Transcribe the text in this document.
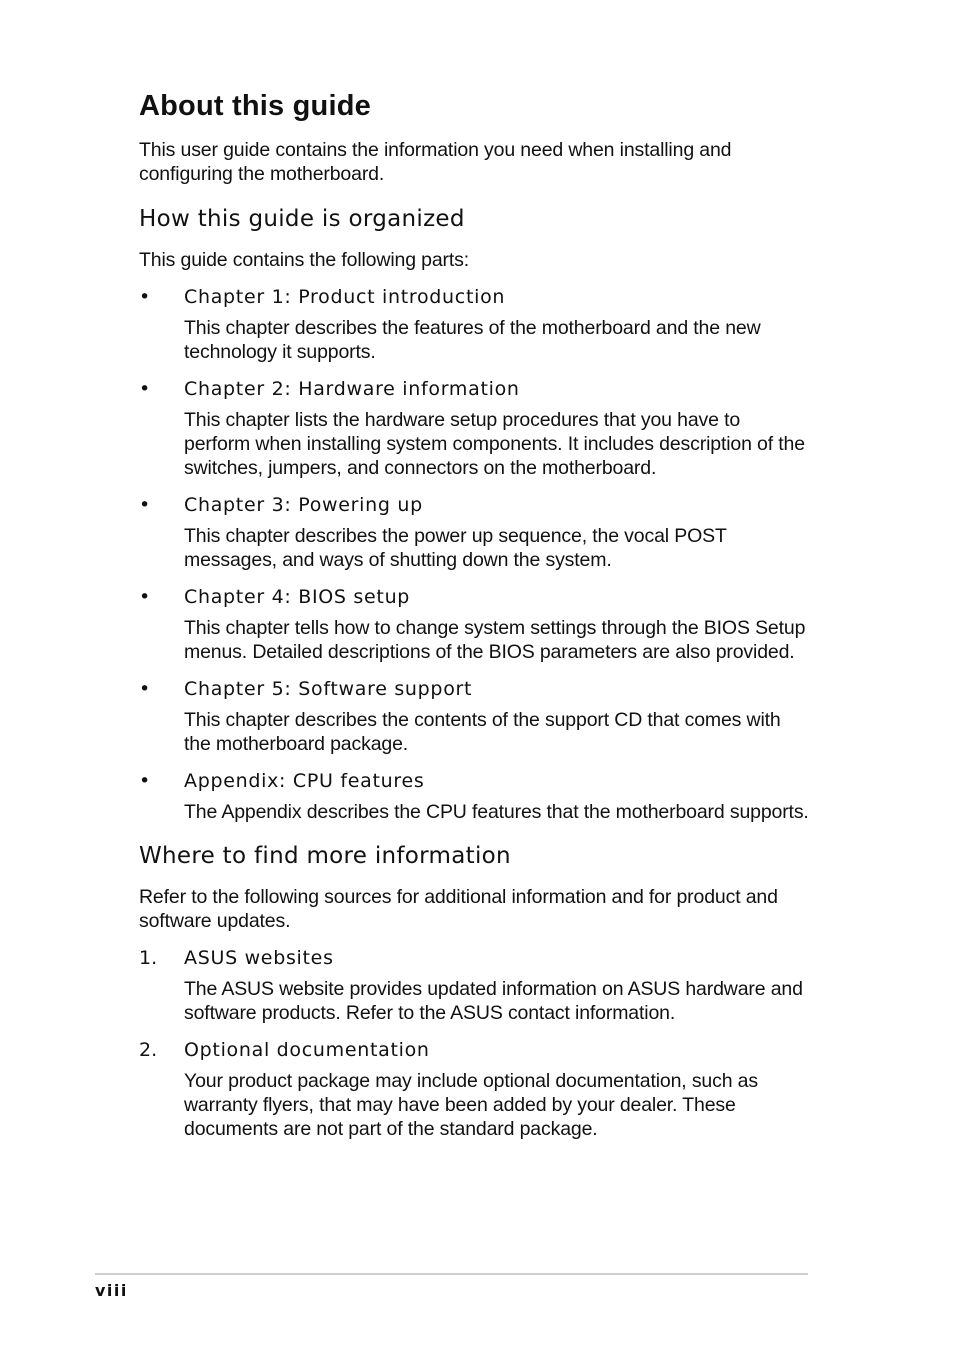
About this guide

This user guide contains the information you need when installing and configuring the motherboard.

How this guide is organized

This guide contains the following parts:

• Chapter 1: Product introduction

This chapter describes the features of the motherboard and the new technology it supports.

• Chapter 2: Hardware information

This chapter lists the hardware setup procedures that you have to perform when installing system components. It includes description of the switches, jumpers, and connectors on the motherboard.

• Chapter 3: Powering up

This chapter describes the power up sequence, the vocal POST messages, and ways of shutting down the system.

• Chapter 4: BIOS setup

This chapter tells how to change system settings through the BIOS Setup menus. Detailed descriptions of the BIOS parameters are also provided.

• Chapter 5: Software support

This chapter describes the contents of the support CD that comes with the motherboard package.

• Appendix: CPU features

The Appendix describes the CPU features that the motherboard supports.

Where to find more information

Refer to the following sources for additional information and for product and software updates.

1. ASUS websites

The ASUS website provides updated information on ASUS hardware and software products. Refer to the ASUS contact information.

2. Optional documentation

Your product package may include optional documentation, such as warranty flyers, that may have been added by your dealer. These documents are not part of the standard package.

viii
